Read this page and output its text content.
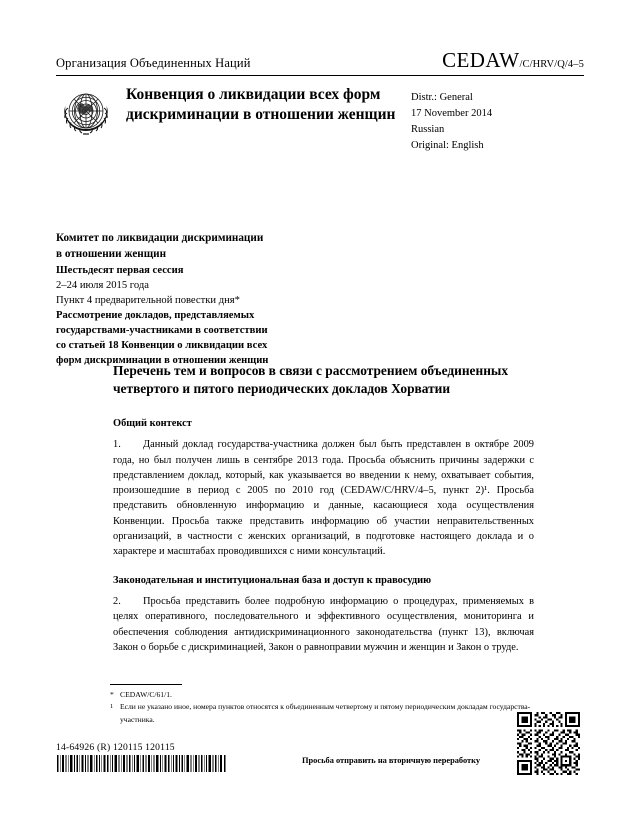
Организация Объединенных Наций	CEDAW /C/HRV/Q/4–5
Конвенция о ликвидации всех форм дискриминации в отношении женщин
Distr.: General
17 November 2014
Russian
Original: English
Комитет по ликвидации дискриминации
в отношении женщин
Шестьдесят первая сессия
2–24 июля 2015 года
Пункт 4 предварительной повестки дня*
Рассмотрение докладов, представляемых
государствами-участниками в соответствии
со статьей 18 Конвенции о ликвидации всех
форм дискриминации в отношении женщин
Перечень тем и вопросов в связи с рассмотрением объединенных четвертого и пятого периодических докладов Хорватии
Общий контекст

1. Данный доклад государства-участника должен был быть представлен в октябре 2009 года, но был получен лишь в сентябре 2013 года. Просьба объяснить причины задержки с представлением доклад, который, как указывается во введении к нему, охватывает события, произошедшие в период с 2005 по 2010 год (CEDAW/C/HRV/4–5, пункт 2)¹. Просьба представить обновленную информацию и данные, касающиеся хода осуществления Конвенции. Просьба также представить информацию об участии неправительственных организаций, в частности с женских организаций, в подготовке настоящего доклада и о характере и масштабах проводившихся с ними консультаций.

Законодательная и институциональная база и доступ к правосудию

2. Просьба представить более подробную информацию о процедурах, применяемых в целях оперативного, последовательного и эффективного осуществления, мониторинга и обеспечения соблюдения антидискриминационного законодательства (пункт 13), включая Закон о борьбе с дискриминацией, Закон о равноправии мужчин и женщин и Закон о труде.

* CEDAW/C/61/1.

$^1$ Если не указано иное, номера пунктов относятся к объединенным четвертому и пятому периодическим докладам государства-участника.

14-64926 (R) 120115 120115
Просьба отправить на вторичную переработку
